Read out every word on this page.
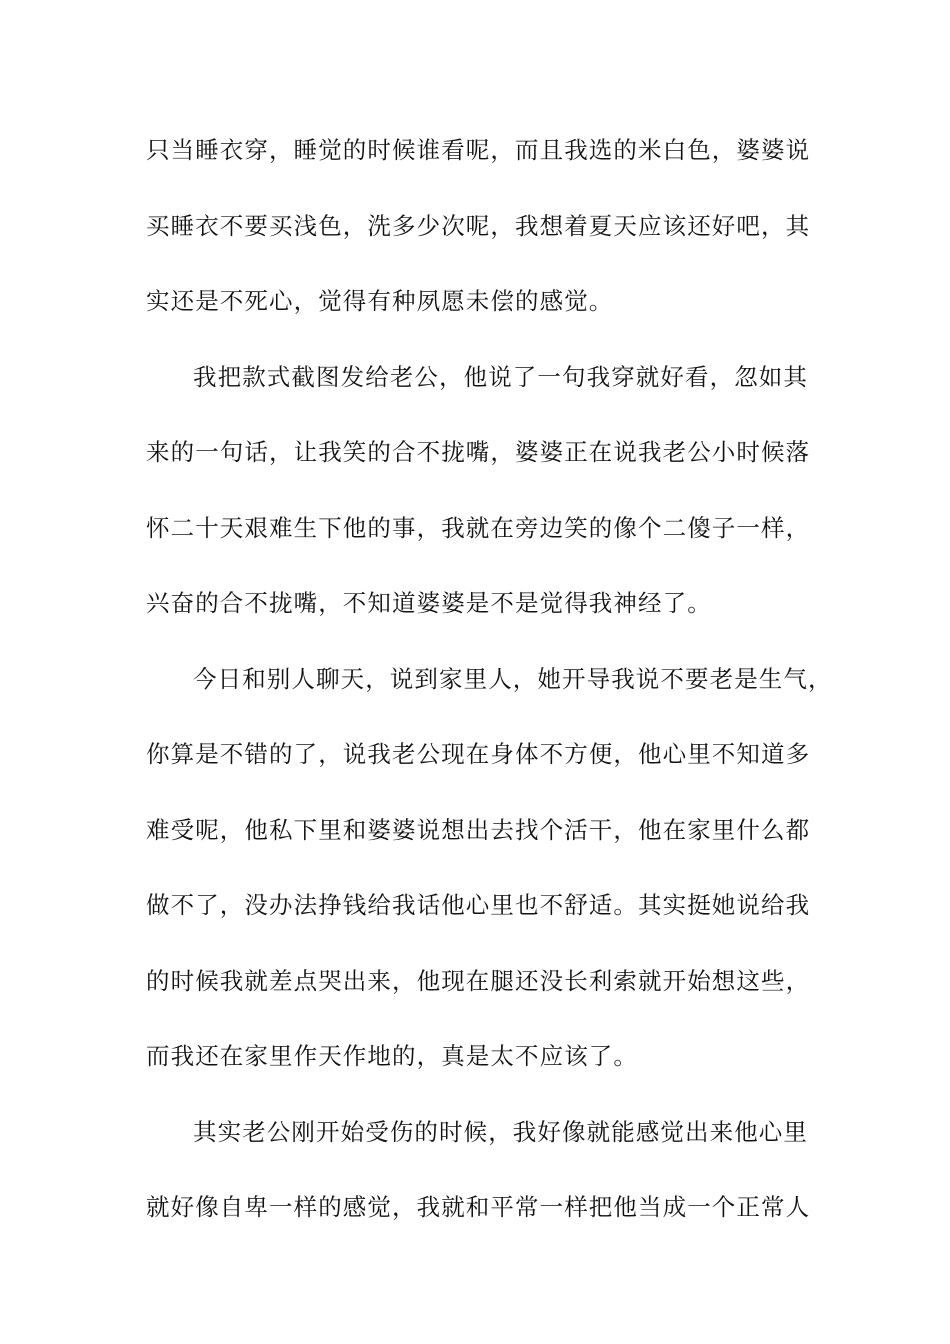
只当睡衣穿，睡觉的时候谁看呢，而且我选的米白色，婆婆说
买睡衣不要买浅色，洗多少次呢，我想着夏天应该还好吧，其
实还是不死心，觉得有种夙愿未偿的感觉。
我把款式截图发给老公，他说了一句我穿就好看，忽如其
来的一句话，让我笑的合不拢嘴，婆婆正在说我老公小时候落
怀二十天艰难生下他的事，我就在旁边笑的像个二傻子一样，
兴奋的合不拢嘴，不知道婆婆是不是觉得我神经了。
今日和别人聊天，说到家里人，她开导我说不要老是生气，
你算是不错的了，说我老公现在身体不方便，他心里不知道多
难受呢，他私下里和婆婆说想出去找个活干，他在家里什么都
做不了，没办法挣钱给我话他心里也不舒适。其实挺她说给我
的时候我就差点哭出来，他现在腿还没长利索就开始想这些，
而我还在家里作天作地的，真是太不应该了。
其实老公刚开始受伤的时候，我好像就能感觉出来他心里
就好像自卑一样的感觉，我就和平常一样把他当成一个正常人
